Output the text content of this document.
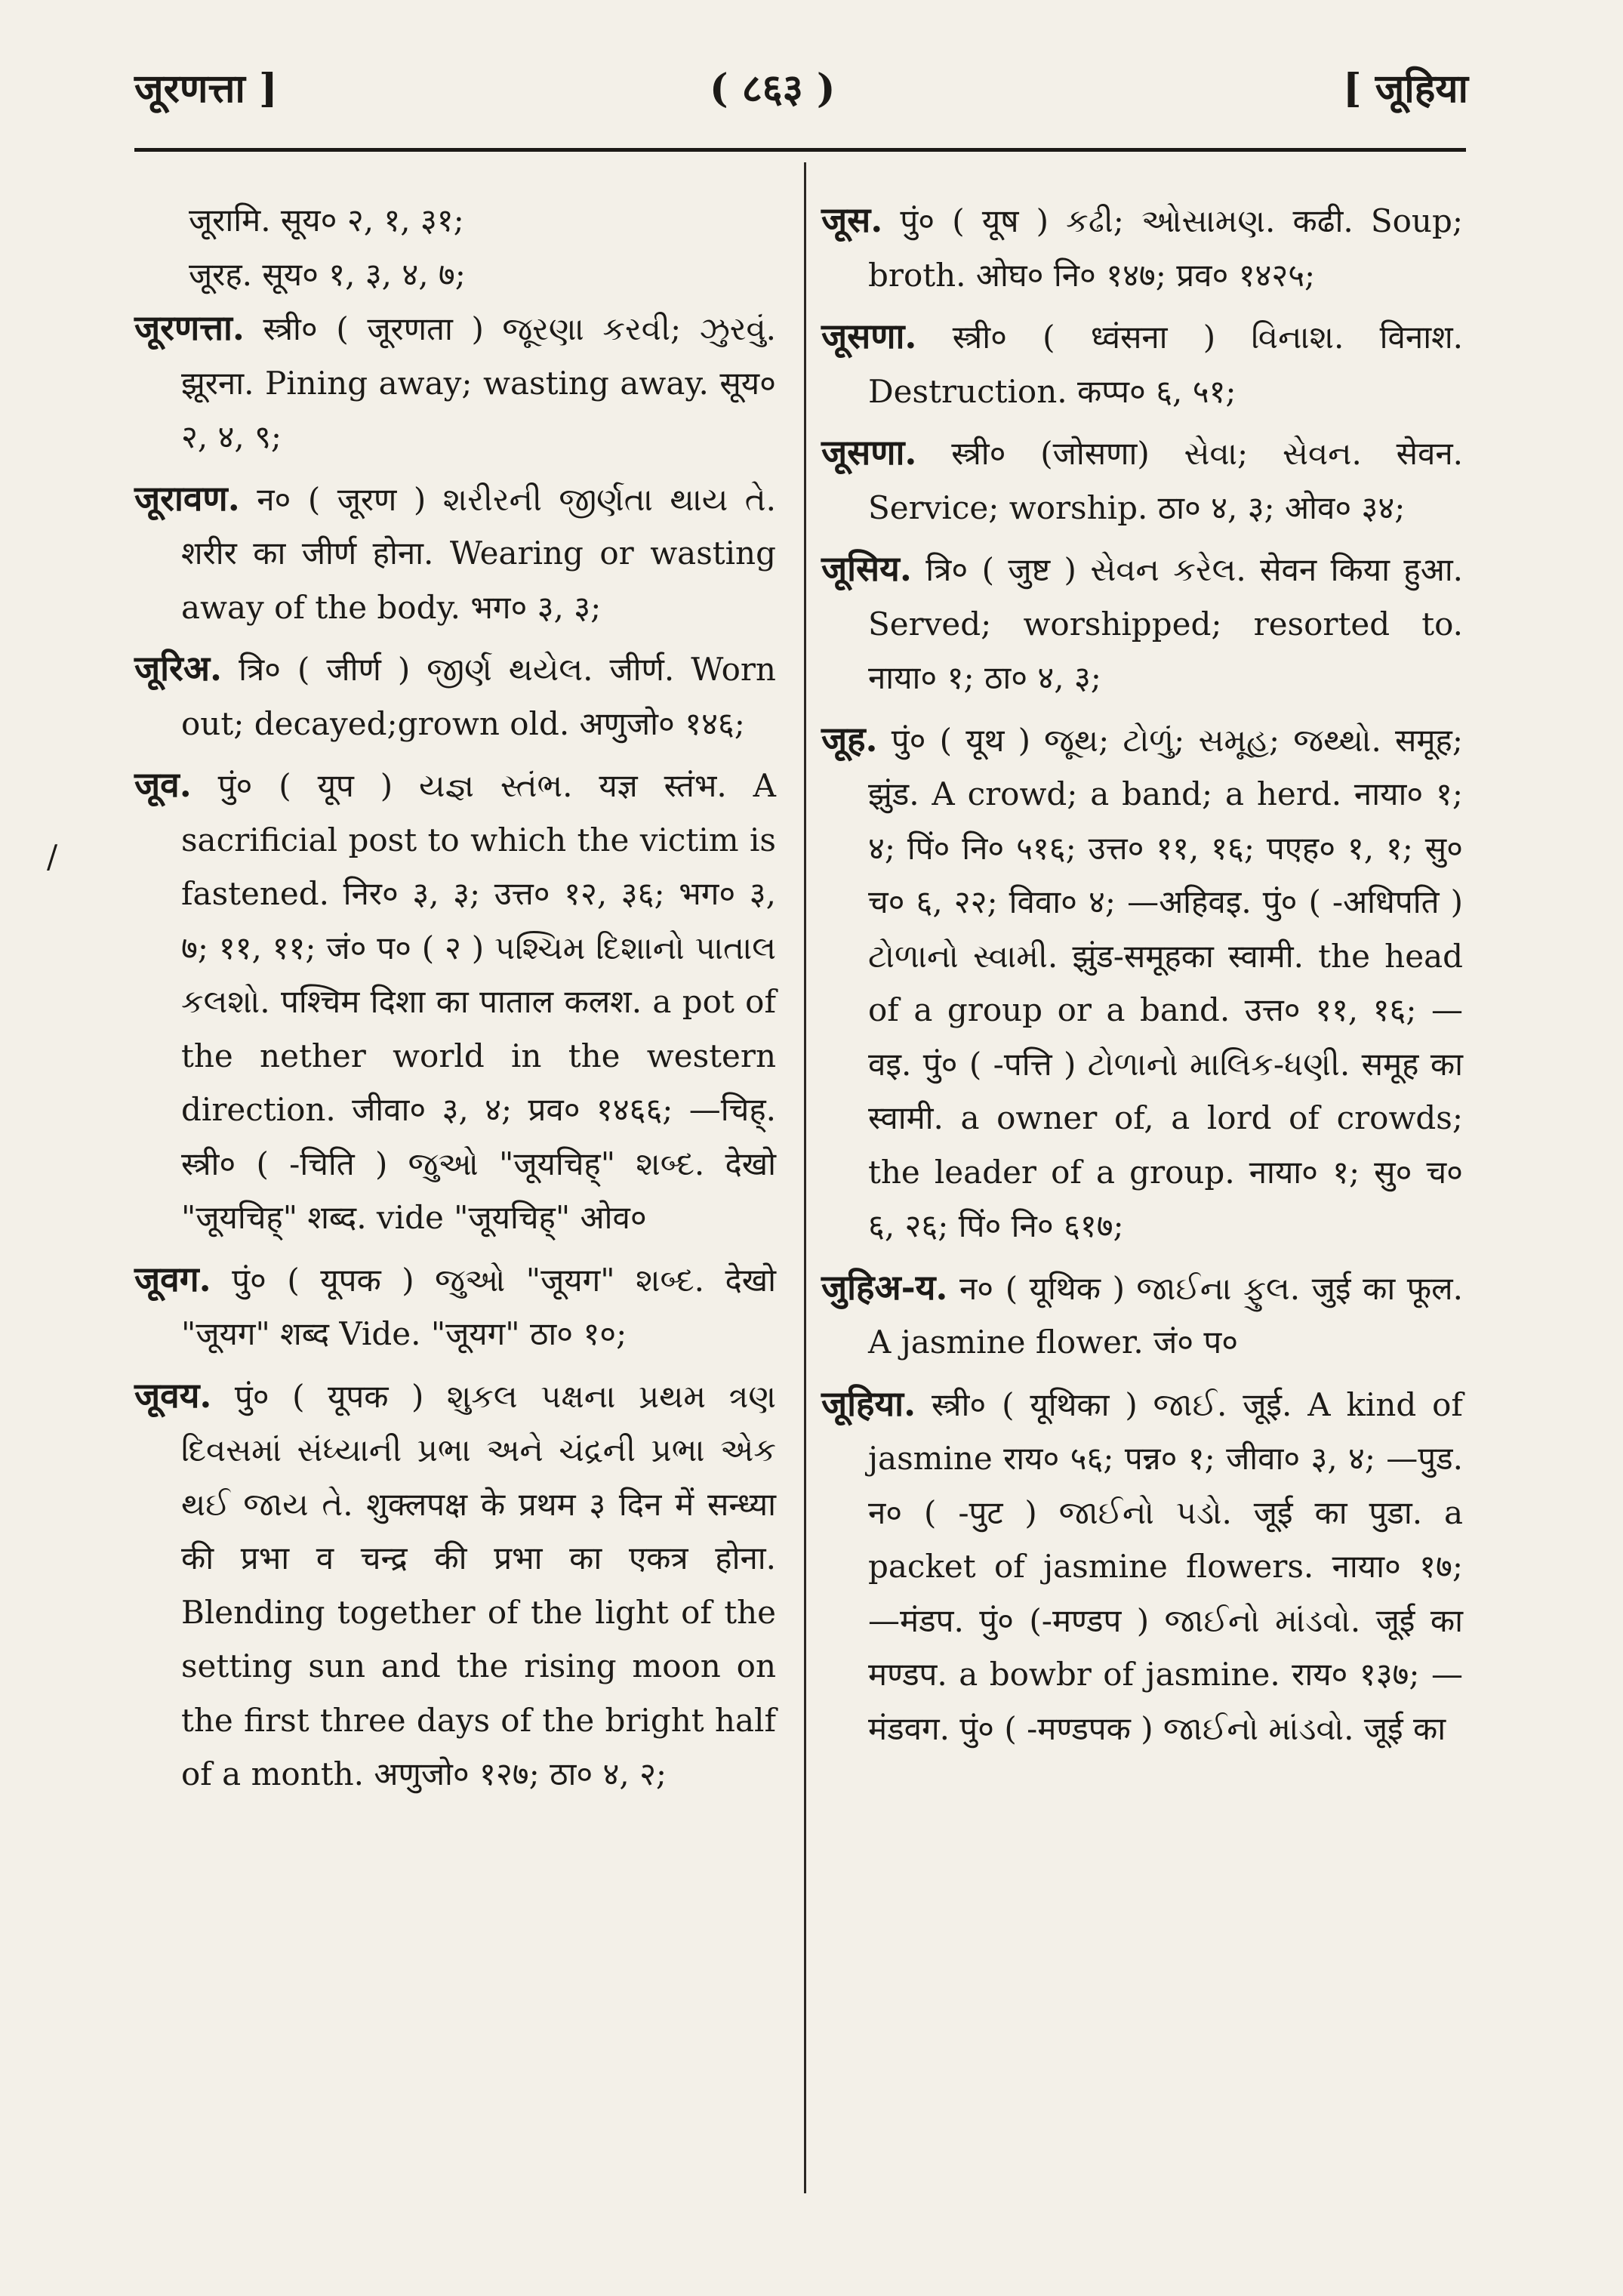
जूरणत्ता ]	( ८६३ )	[ जूहिया
/

जूरामि. सूय० २, १, ३१;

जूरह. सूय० १, ३, ४, ७;

जूरणत्ता. स्त्री० ( जूरणता ) જૂરણા કરવી; ઝુરવું. झूरना. Pining away; wasting away. सूय० २, ४, ९;

जूरावण. न० ( जूरण ) શરીરની જીર્ણતા થાય તે. शरीर का जीर्ण होना. Wearing or wasting away of the body. भग० ३, ३;

जूरिअ. त्रि० ( जीर्ण ) જીર્ણ થયેલ. जीर्ण. Worn out; decayed;grown old. अणुजो० १४६;

जूव. पुं० ( यूप ) યજ્ઞ સ્તંભ. यज्ञ स्तंभ. A sacrificial post to which the victim is fastened. निर० ३, ३; उत्त० १२, ३६; भग० ३, ७; ११, ११; जं० प० ( २ ) પશ્ચિમ દિશાનો પાતાલ કલશો. पश्चिम दिशा का पाताल कलश. a pot of the nether world in the western direction. जीवा० ३, ४; प्रव० १४६६; —चिह्. स्त्री० ( -चिति ) જુઓ "जूयचिह्" શબ્દ. देखो "जूयचिह्" शब्द. vide "जूयचिह्" ओव०

जूवग. पुं० ( यूपक ) જુઓ "जूयग" શબ્દ. देखो "जूयग" शब्द Vide. "जूयग" ठा० १०;

जूवय. पुं० ( यूपक ) શુકલ પક્ષના પ્રથમ ત્રણ દિવસમાં સંધ્યાની પ્રભા અને ચંદ્રની પ્રભા એક થઈ જાય તે. शुक्लपक्ष के प्रथम ३ दिन में सन्ध्या की प्रभा व चन्द्र की प्रभा का एकत्र होना. Blending together of the light of the setting sun and the rising moon on the first three days of the bright half of a month. अणुजो० १२७; ठा० ४, २;

जूस. पुं० ( यूष ) કઢી; ઓસામણ. कढी. Soup; broth. ओघ० नि० १४७; प्रव० १४२५;

जूसणा. स्त्री० ( ध्वंसना ) વિનાશ. विनाश. Destruction. कप्प० ६, ५१;

जूसणा. स्त्री० (जोसणा) સેવા; સેવન. सेवन. Service; worship. ठा० ४, ३; ओव० ३४;

जूसिय. त्रि० ( जुष्ट ) સેવન કરેલ. सेवन किया हुआ. Served; worshipped; resorted to. नाया० १; ठा० ४, ३;

जूह. पुं० ( यूथ ) જૂથ; ટોળું; સમૂહ; જથ્થો. समूह; झुंड. A crowd; a band; a herd. नाया० १; ४; पिं० नि० ५१६; उत्त० ११, १६; पएह० १, १; सु० च० ६, २२; विवा० ४; —अहिवइ. पुं० ( -अधिपति ) ટોળાનો સ્વામી. झुंड-समूहका स्वामी. the head of a group or a band. उत्त० ११, १६; —वइ. पुं० ( -पत्ति ) ટોળાનો માલિક-ધણી. समूह का स्वामी. a owner of, a lord of crowds; the leader of a group. नाया० १; सु० च० ६, २६; पिं० नि० ६१७;

जुहिअ-य. न० ( यूथिक ) જાઈના ફુલ. जुई का फूल. A jasmine flower. जं० प०

जूहिया. स्त्री० ( यूथिका ) જાઈ. जूई. A kind of jasmine राय० ५६; पन्न० १; जीवा० ३, ४; —पुड. न० ( -पुट ) જાઈનો પડો. जूई का पुडा. a packet of jasmine flowers. नाया० १७; —मंडप. पुं० (-मण्डप ) જાઈનો માંડવો. जूई का मण्डप. a bowbr of jasmine. राय० १३७; —मंडवग. पुं० ( -मण्डपक ) જાઈનો માંડવો. जूई का
